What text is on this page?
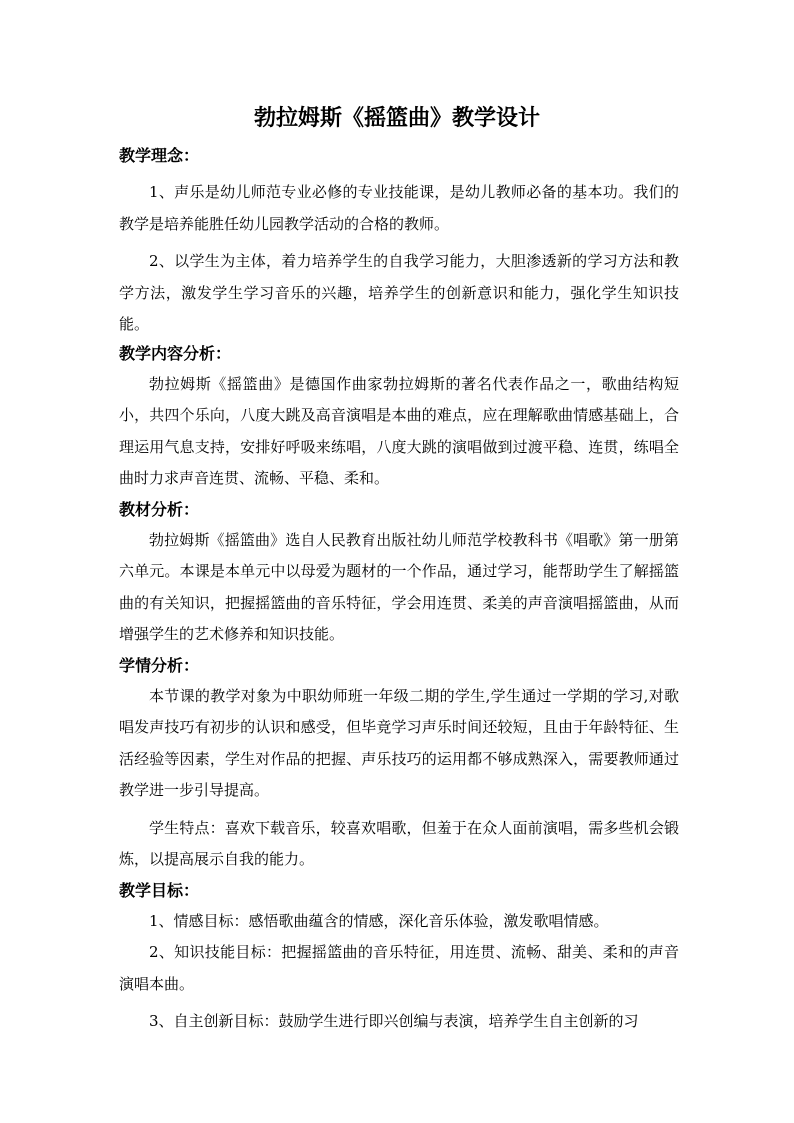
勃拉姆斯《摇篮曲》教学设计
教学理念：

1、声乐是幼儿师范专业必修的专业技能课，是幼儿教师必备的基本功。我们的教学是培养能胜任幼儿园教学活动的合格的教师。

2、以学生为主体，着力培养学生的自我学习能力，大胆渗透新的学习方法和教学方法，激发学生学习音乐的兴趣，培养学生的创新意识和能力，强化学生知识技能。

教学内容分析：

勃拉姆斯《摇篮曲》是德国作曲家勃拉姆斯的著名代表作品之一，歌曲结构短小，共四个乐向，八度大跳及高音演唱是本曲的难点，应在理解歌曲情感基础上，合理运用气息支持，安排好呼吸来练唱，八度大跳的演唱做到过渡平稳、连贯，练唱全曲时力求声音连贯、流畅、平稳、柔和。

教材分析：

勃拉姆斯《摇篮曲》选自人民教育出版社幼儿师范学校教科书《唱歌》第一册第六单元。本课是本单元中以母爱为题材的一个作品，通过学习，能帮助学生了解摇篮曲的有关知识，把握摇篮曲的音乐特征，学会用连贯、柔美的声音演唱摇篮曲，从而增强学生的艺术修养和知识技能。

学情分析：

本节课的教学对象为中职幼师班一年级二期的学生,学生通过一学期的学习,对歌唱发声技巧有初步的认识和感受，但毕竟学习声乐时间还较短，且由于年龄特征、生活经验等因素，学生对作品的把握、声乐技巧的运用都不够成熟深入，需要教师通过教学进一步引导提高。

学生特点：喜欢下载音乐，较喜欢唱歌，但羞于在众人面前演唱，需多些机会锻炼，以提高展示自我的能力。

教学目标：

1、情感目标：感悟歌曲蕴含的情感，深化音乐体验，激发歌唱情感。

2、知识技能目标：把握摇篮曲的音乐特征，用连贯、流畅、甜美、柔和的声音演唱本曲。

3、自主创新目标：鼓励学生进行即兴创编与表演，培养学生自主创新的习
